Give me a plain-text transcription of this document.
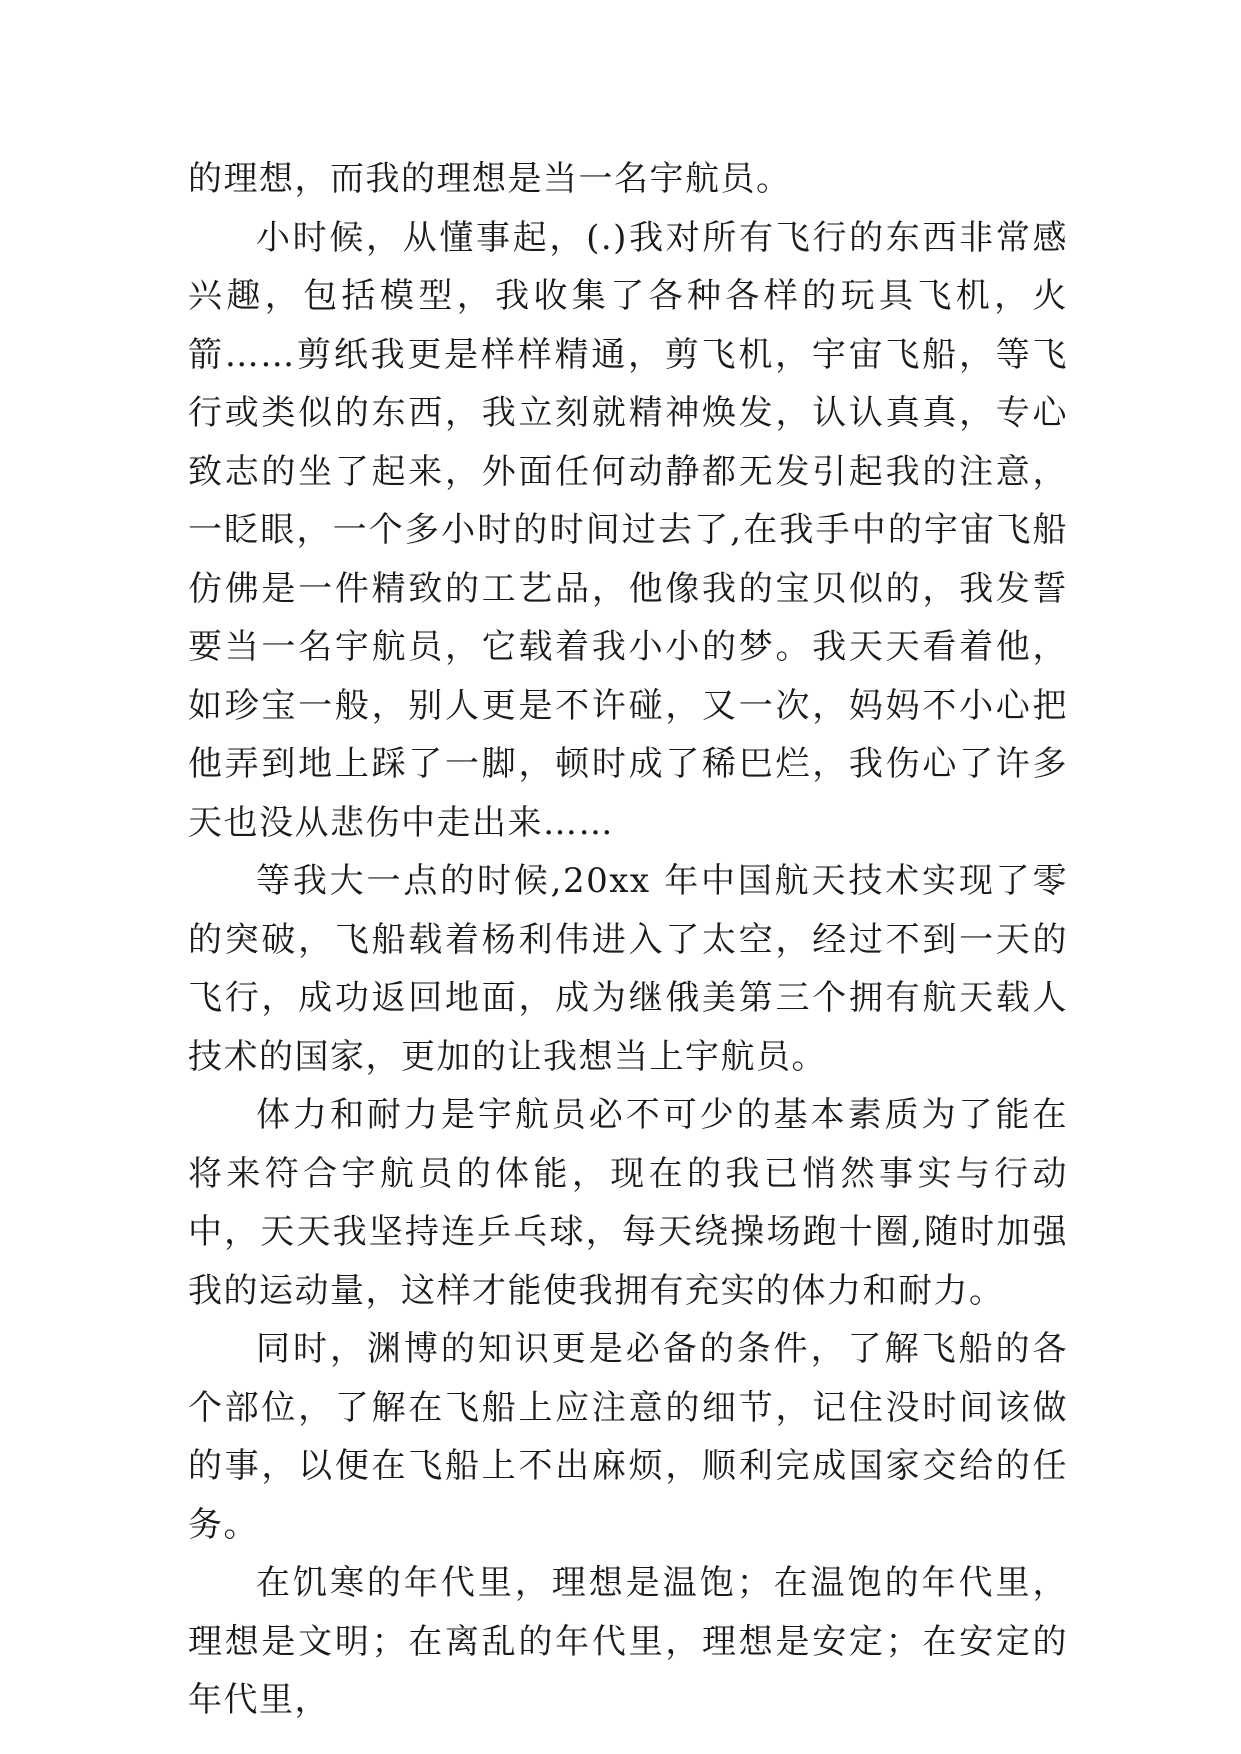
的理想，而我的理想是当一名宇航员。

小时候，从懂事起，(.)我对所有飞行的东西非常感兴趣，包括模型，我收集了各种各样的玩具飞机，火箭……剪纸我更是样样精通，剪飞机，宇宙飞船，等飞行或类似的东西，我立刻就精神焕发，认认真真，专心致志的坐了起来，外面任何动静都无发引起我的注意，一眨眼，一个多小时的时间过去了,在我手中的宇宙飞船仿佛是一件精致的工艺品，他像我的宝贝似的，我发誓要当一名宇航员，它载着我小小的梦。我天天看着他，如珍宝一般，别人更是不许碰，又一次，妈妈不小心把他弄到地上踩了一脚，顿时成了稀巴烂，我伤心了许多天也没从悲伤中走出来……

等我大一点的时候,20xx 年中国航天技术实现了零的突破，飞船载着杨利伟进入了太空，经过不到一天的飞行，成功返回地面，成为继俄美第三个拥有航天载人技术的国家，更加的让我想当上宇航员。

体力和耐力是宇航员必不可少的基本素质为了能在将来符合宇航员的体能，现在的我已悄然事实与行动中，天天我坚持连乒乓球，每天绕操场跑十圈,随时加强我的运动量，这样才能使我拥有充实的体力和耐力。

同时，渊博的知识更是必备的条件，了解飞船的各个部位，了解在飞船上应注意的细节，记住没时间该做的事，以便在飞船上不出麻烦，顺利完成国家交给的任务。

在饥寒的年代里，理想是温饱；在温饱的年代里，理想是文明；在离乱的年代里，理想是安定；在安定的年代里，
